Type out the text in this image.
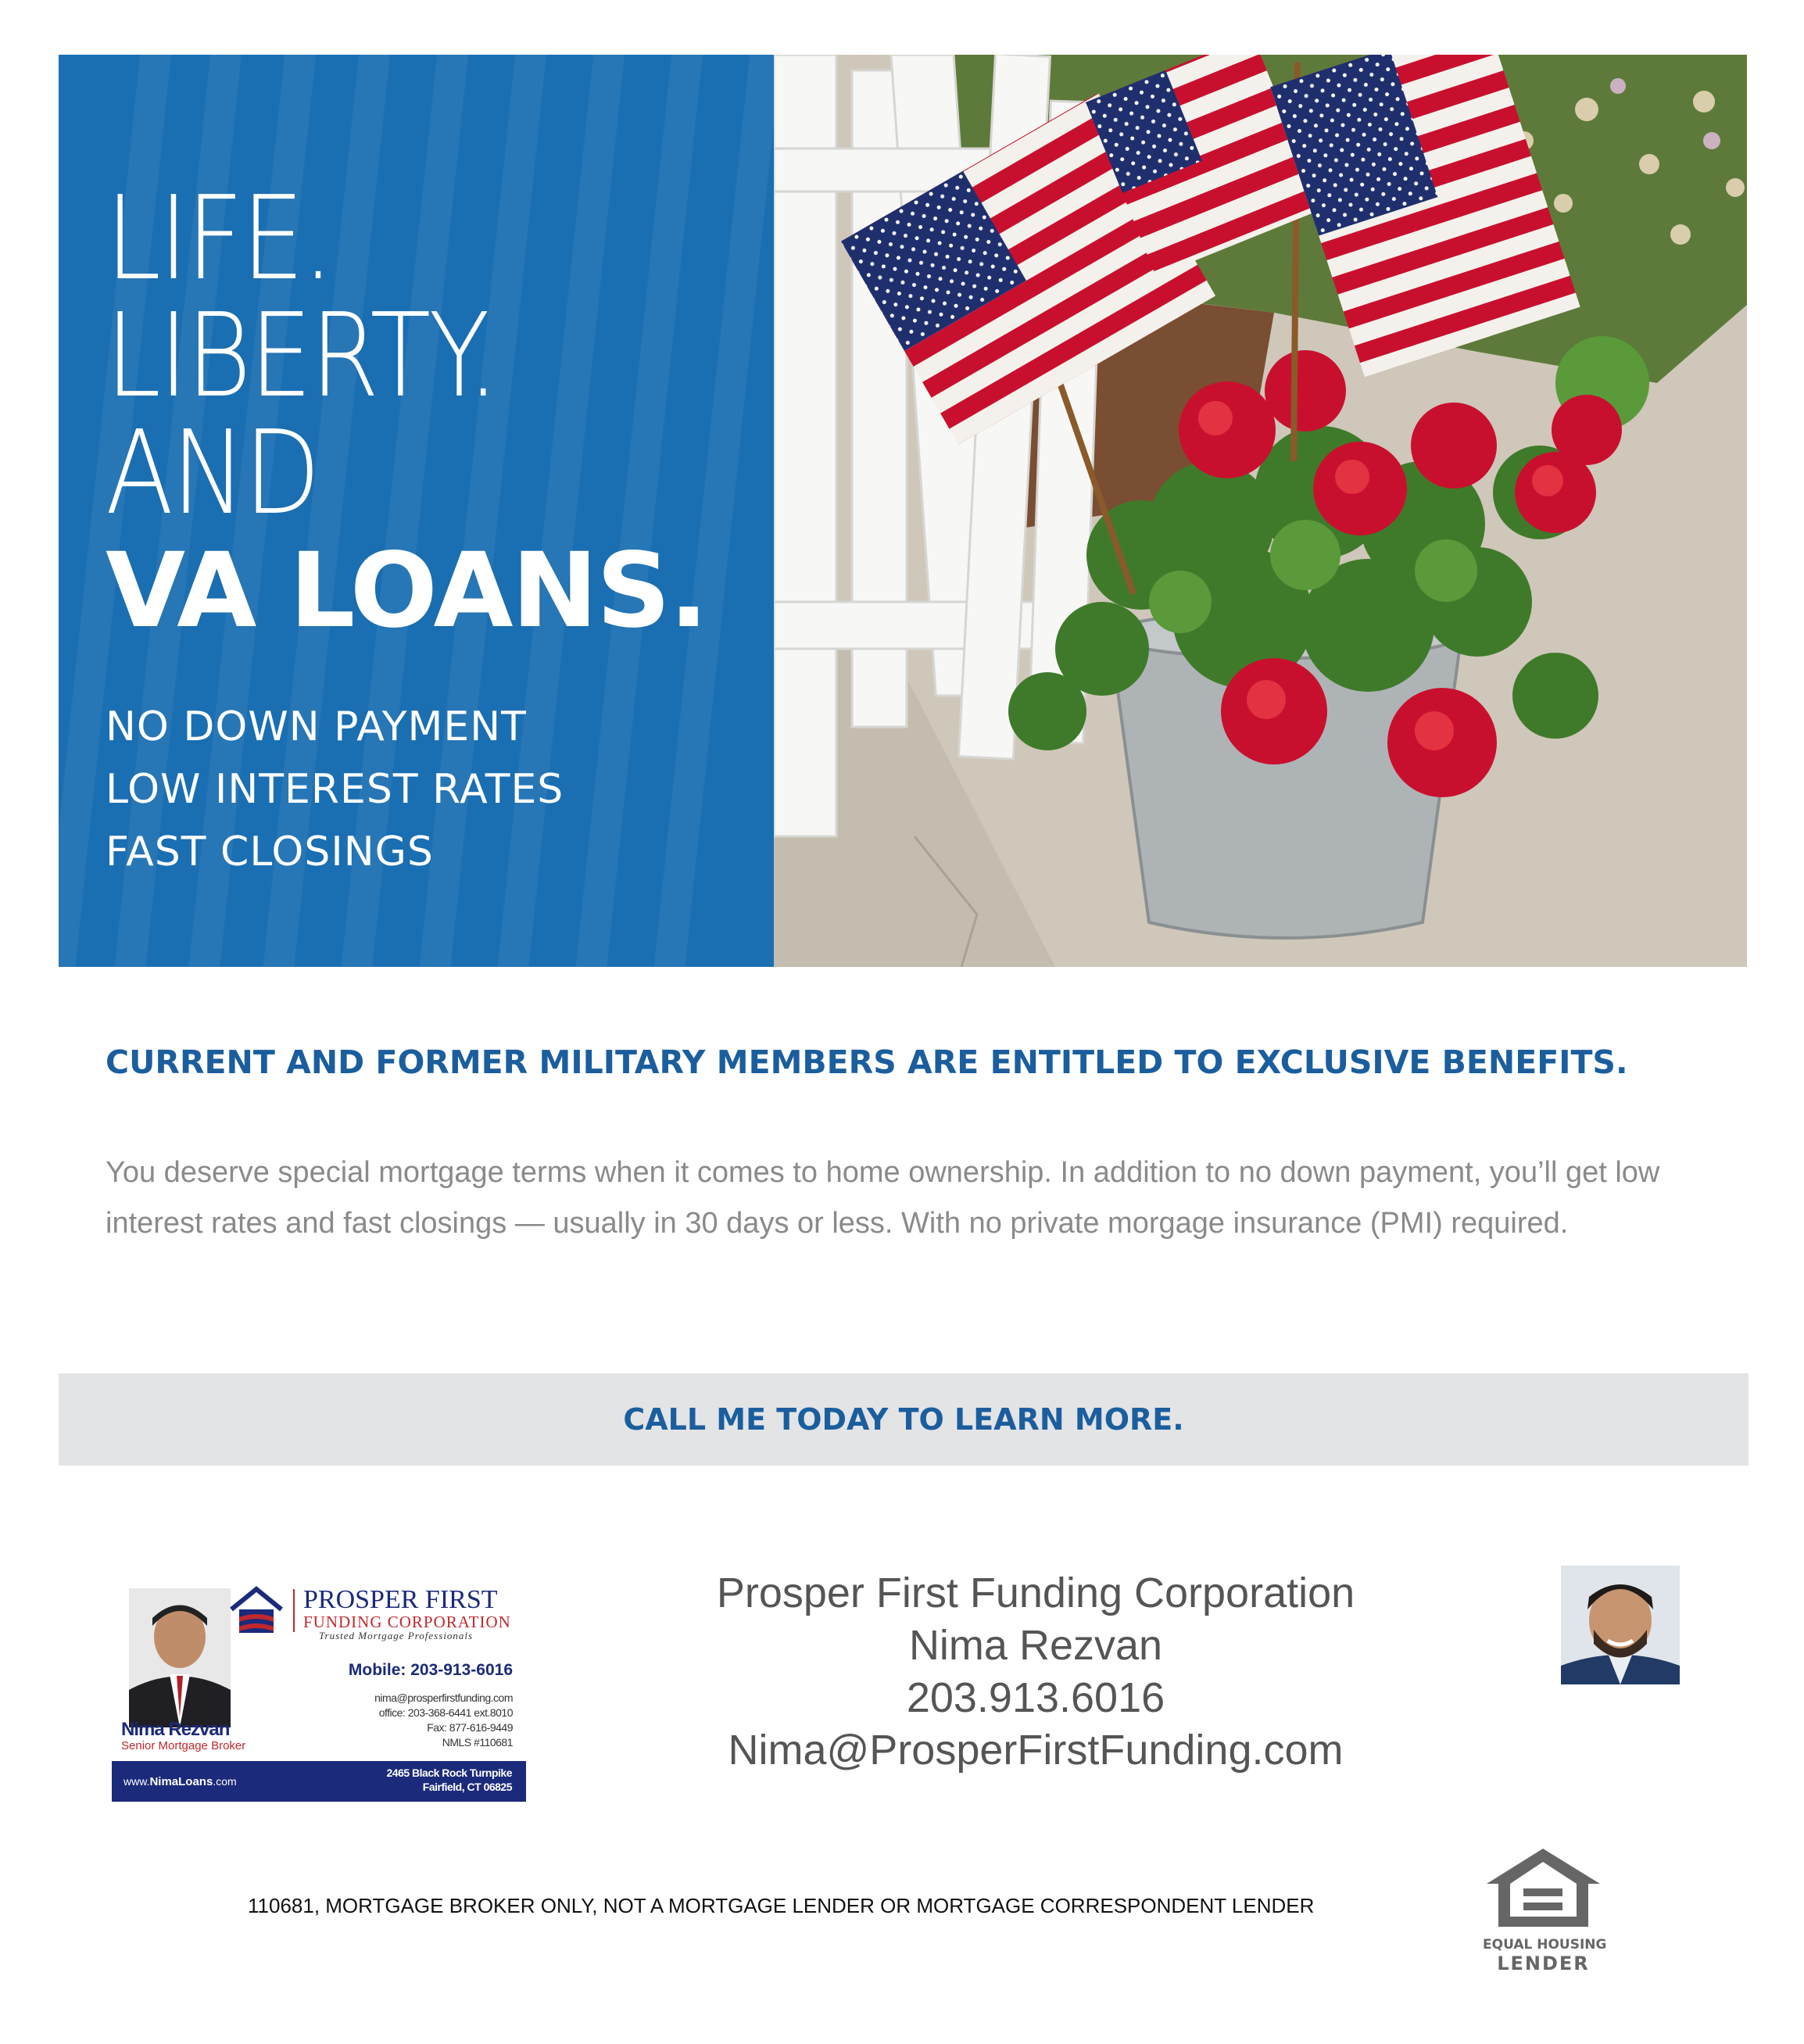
LIFE.
LIBERTY.
AND
VA LOANS.
NO DOWN PAYMENT
LOW INTEREST RATES
FAST CLOSINGS
CURRENT AND FORMER MILITARY MEMBERS ARE ENTITLED TO EXCLUSIVE BENEFITS.

You deserve special mortgage terms when it comes to home ownership. In addition to no down payment, you’ll get low interest rates and fast closings — usually in 30 days or less. With no private morgage insurance (PMI) required.

CALL ME TODAY TO LEARN MORE.
Nima Rezvan
Senior Mortgage Broker
PROSPER FIRST
FUNDING CORPORATION
Trusted Mortgage Professionals
Mobile: 203-913-6016
nima@prosperfirstfunding.com
office: 203-368-6441 ext.8010
Fax: 877-616-9449
NMLS #110681
www.NimaLoans.com
2465 Black Rock Turnpike
Fairfield, CT 06825
Prosper First Funding Corporation
Nima Rezvan
203.913.6016
Nima@ProsperFirstFunding.com
110681, MORTGAGE BROKER ONLY, NOT A MORTGAGE LENDER OR MORTGAGE CORRESPONDENT LENDER
EQUAL HOUSING
LENDER
